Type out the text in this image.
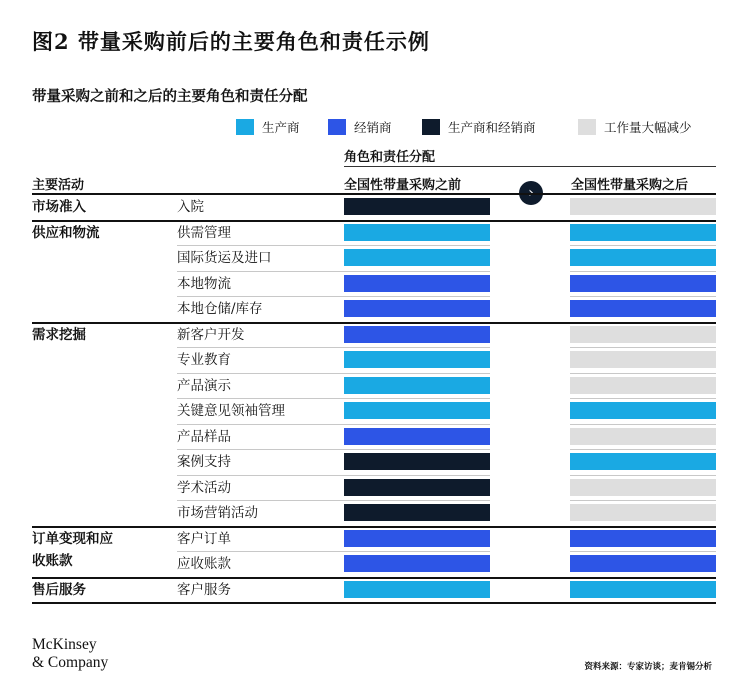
图2 带量采购前后的主要角色和责任示例
带量采购之前和之后的主要角色和责任分配
生产商	经销商	生产商和经销商	工作量大幅减少
角色和责任分配
主要活动	全国性带量采购之前	全国性带量采购之后
›
市场准入	入院
供应和物流	供需管理
国际货运及进口
本地物流
本地仓储/库存
需求挖掘	新客户开发
专业教育
产品演示
关键意见领袖管理
产品样品
案例支持
学术活动
市场营销活动
订单变现和应收账款
客户订单
应收账款
售后服务	客户服务
McKinsey
& Company	资料来源：专家访谈；麦肯锡分析
